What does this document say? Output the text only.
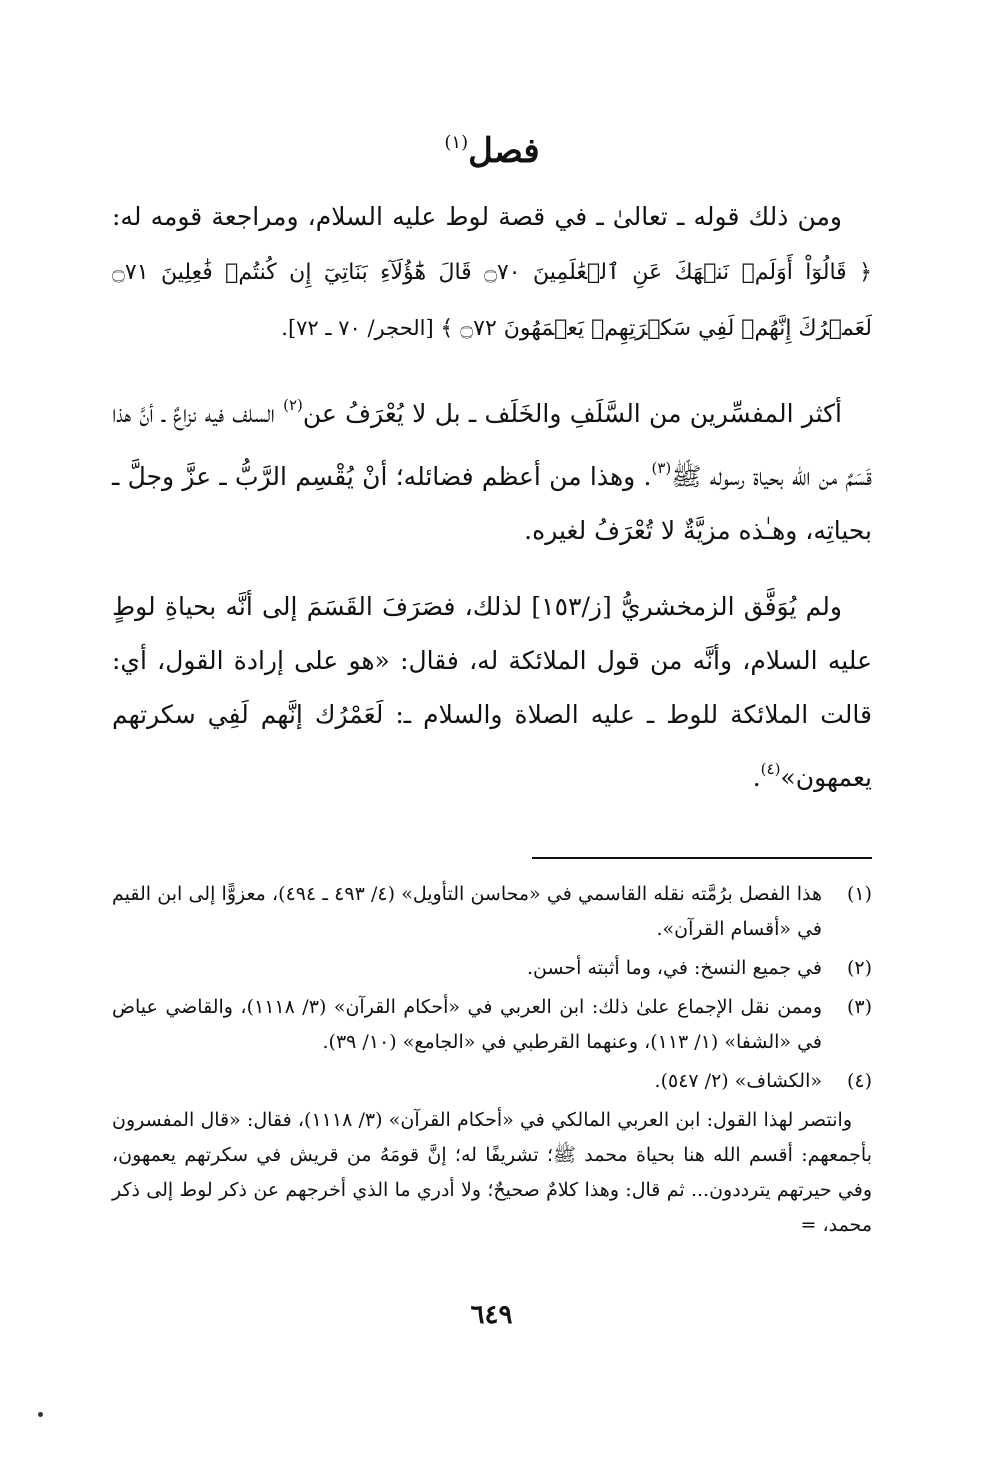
فصل$^{(١)}$

ومن ذلك قوله ـ تعالىٰ ـ في قصة لوط عليه السلام، ومراجعة قومه له: ﴿ قَالُوٓاْ أَوَلَمۡ نَنۡهَكَ عَنِ ٱلۡعَٰلَمِينَ ۝٧٠ قَالَ هَٰٓؤُلَآءِ بَنَاتِيٓ إِن كُنتُمۡ فَٰعِلِينَ ۝٧١ لَعَمۡرُكَ إِنَّهُمۡ لَفِي سَكۡرَتِهِمۡ يَعۡمَهُونَ ۝٧٢ ﴾ [الحجر/ ٧٠ ـ ٧٢].

أكثر المفسِّرين من السَّلَفِ والخَلَف ـ بل لا يُعْرَفُ عن$^{(٢)}$ السلف فيه نزاعٌ ـ أنَّ هذا قَسَمٌ من الله بحياة رسوله ﷺ$^{(٣)}$. وهذا من أعظم فضائله؛ أنْ يُقْسِم الرَّبُّ ـ عزَّ وجلَّ ـ بحياتِه، وهـٰذه مزيَّةٌ لا تُعْرَفُ لغيره.

ولم يُوَفَّق الزمخشريُّ [ز/١٥٣] لذلك، فصَرَفَ القَسَمَ إلى أنَّه بحياةِ لوطٍ عليه السلام، وأنَّه من قول الملائكة له، فقال: «هو على إرادة القول، أي: قالت الملائكة للوط ـ عليه الصلاة والسلام ـ: لَعَمْرُك إنَّهم لَفِي سكرتهم يعمهون»$^{(٤)}$.

(١)
هذا الفصل برُمَّته نقله القاسمي في «محاسن التأويل» (٤/ ٤٩٣ ـ ٤٩٤)، معزوًّا إلى ابن القيم في «أقسام القرآن».
(٢)
في جميع النسخ: في، وما أثبته أحسن.
(٣)
وممن نقل الإجماع علىٰ ذلك: ابن العربي في «أحكام القرآن» (٣/ ١١١٨)، والقاضي عياض في «الشفا» (١/ ١١٣)، وعنهما القرطبي في «الجامع» (١٠/ ٣٩).
(٤)
«الكشاف» (٢/ ٥٤٧).

وانتصر لهذا القول: ابن العربي المالكي في «أحكام القرآن» (٣/ ١١١٨)، فقال: «قال المفسرون بأجمعهم: أقسم الله هنا بحياة محمد ﷺ؛ تشريفًا له؛ إنَّ قومَهُ من قريش في سكرتهم يعمهون، وفي حيرتهم يترددون... ثم قال: وهذا كلامٌ صحيحٌ؛ ولا أدري ما الذي أخرجهم عن ذكر لوط إلى ذكر محمد، =

٦٤٩
